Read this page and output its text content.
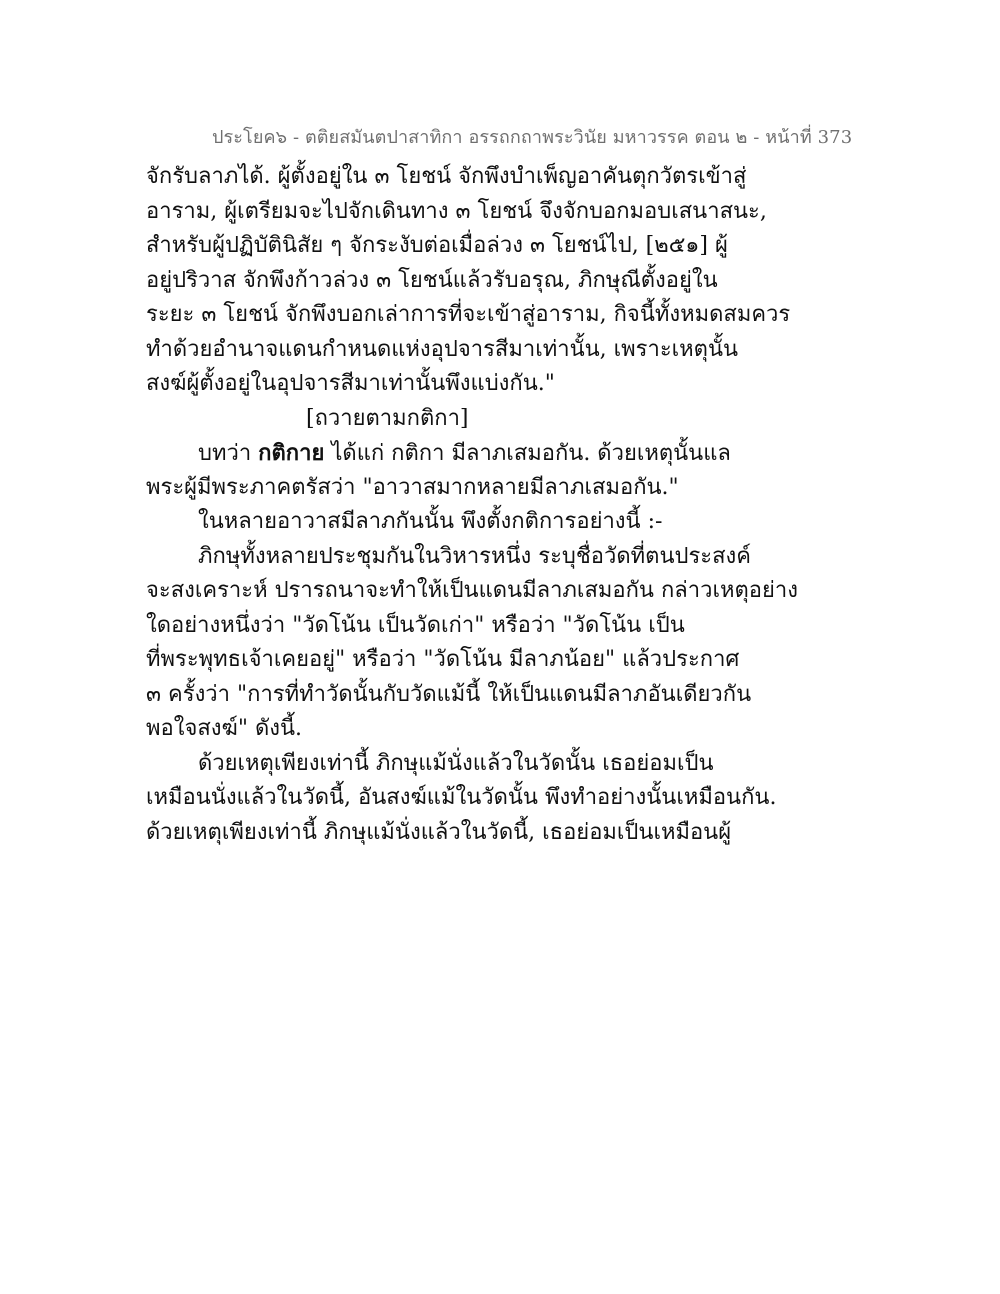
ประโยค๖ - ตติยสมันตปาสาทิกา อรรถกถาพระวินัย มหาวรรค ตอน ๒ - หน้าที่ 373
จักรับลาภได้. ผู้ตั้งอยู่ใน ๓ โยชน์ จักพึงบำเพ็ญอาคันตุกวัตรเข้าสู่
อาราม, ผู้เตรียมจะไปจักเดินทาง ๓ โยชน์ จึงจักบอกมอบเสนาสนะ,
สำหรับผู้ปฏิบัตินิสัย ๆ จักระงับต่อเมื่อล่วง ๓ โยชน์ไป, [๒๕๑] ผู้
อยู่ปริวาส จักพึงก้าวล่วง ๓ โยชน์แล้วรับอรุณ, ภิกษุณีตั้งอยู่ใน
ระยะ ๓ โยชน์ จักพึงบอกเล่าการที่จะเข้าสู่อาราม, กิจนี้ทั้งหมดสมควร
ทำด้วยอำนาจแดนกำหนดแห่งอุปจารสีมาเท่านั้น, เพราะเหตุนั้น
สงฆ์ผู้ตั้งอยู่ในอุปจารสีมาเท่านั้นพึงแบ่งกัน."
[ถวายตามกติกา]
บทว่า กติกาย ได้แก่ กติกา มีลาภเสมอกัน. ด้วยเหตุนั้นแล
พระผู้มีพระภาคตรัสว่า "อาวาสมากหลายมีลาภเสมอกัน."
ในหลายอาวาสมีลาภกันนั้น พึงตั้งกติการอย่างนี้ :-
ภิกษุทั้งหลายประชุมกันในวิหารหนึ่ง ระบุชื่อวัดที่ตนประสงค์
จะสงเคราะห์ ปรารถนาจะทำให้เป็นแดนมีลาภเสมอกัน กล่าวเหตุอย่าง
ใดอย่างหนึ่งว่า "วัดโน้น เป็นวัดเก่า" หรือว่า "วัดโน้น เป็น
ที่พระพุทธเจ้าเคยอยู่" หรือว่า "วัดโน้น มีลาภน้อย" แล้วประกาศ
๓ ครั้งว่า "การที่ทำวัดนั้นกับวัดแม้นี้ ให้เป็นแดนมีลาภอันเดียวกัน
พอใจสงฆ์" ดังนี้.
ด้วยเหตุเพียงเท่านี้ ภิกษุแม้นั่งแล้วในวัดนั้น เธอย่อมเป็น
เหมือนนั่งแล้วในวัดนี้, อันสงฆ์แม้ในวัดนั้น พึงทำอย่างนั้นเหมือนกัน.
ด้วยเหตุเพียงเท่านี้ ภิกษุแม้นั่งแล้วในวัดนี้, เธอย่อมเป็นเหมือนผู้
